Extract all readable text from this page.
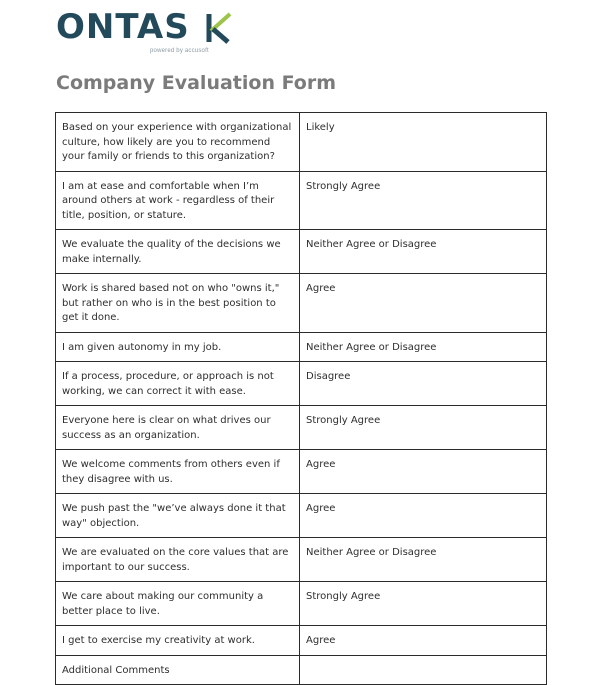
ONTAS
powered by accusoft
Company Evaluation Form
Based on your experience with organizational culture, how likely are you to recommend your family or friends to this organization?	Likely
I am at ease and comfortable when I’m around others at work - regardless of their title, position, or stature.	Strongly Agree
We evaluate the quality of the decisions we make internally.	Neither Agree or Disagree
Work is shared based not on who "owns it," but rather on who is in the best position to get it done.	Agree
I am given autonomy in my job.	Neither Agree or Disagree
If a process, procedure, or approach is not working, we can correct it with ease.	Disagree
Everyone here is clear on what drives our success as an organization.	Strongly Agree
We welcome comments from others even if they disagree with us.	Agree
We push past the "we’ve always done it that way" objection.	Agree
We are evaluated on the core values that are important to our success.	Neither Agree or Disagree
We care about making our community a better place to live.	Strongly Agree
I get to exercise my creativity at work.	Agree
Additional Comments	
